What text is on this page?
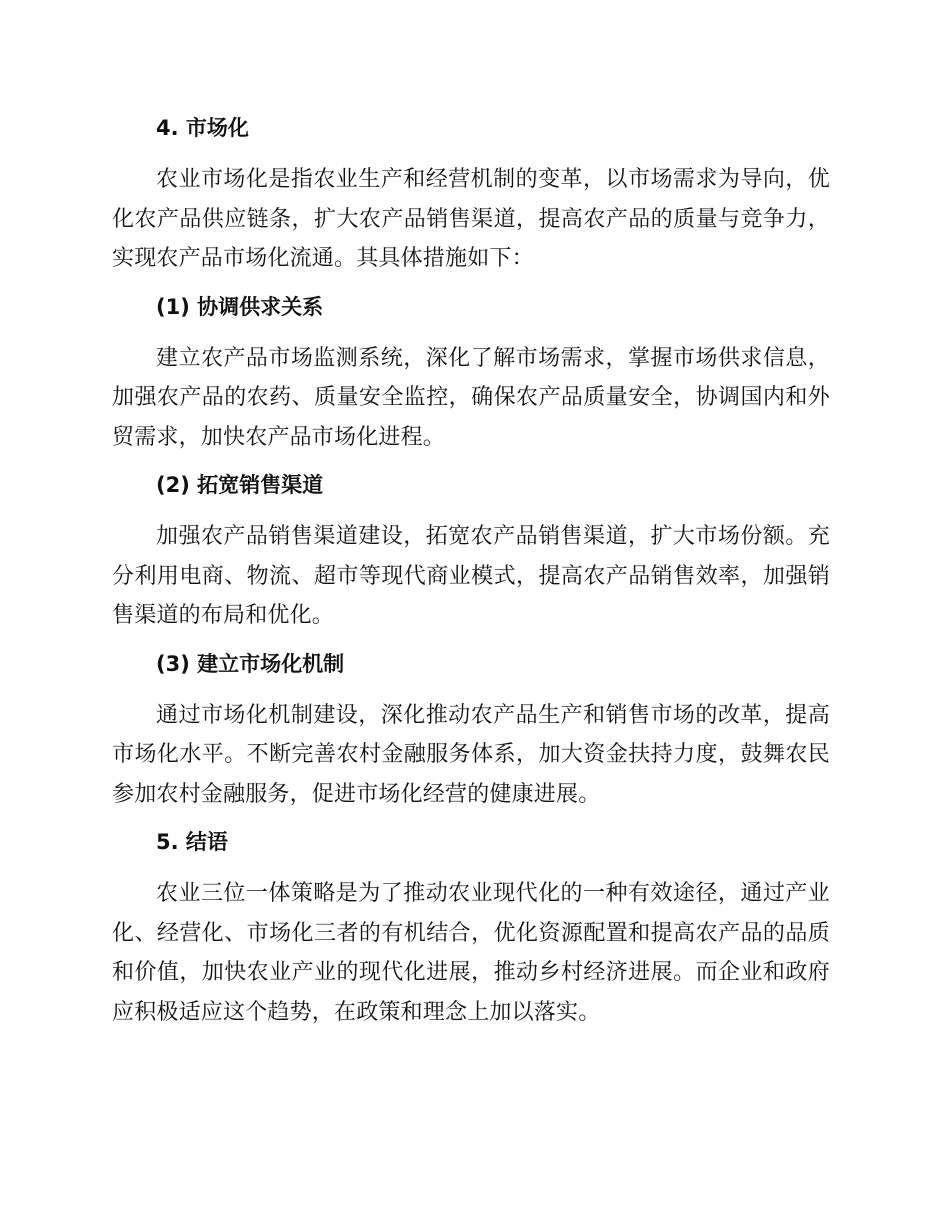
4. 市场化

农业市场化是指农业生产和经营机制的变革，以市场需求为导向，优化农产品供应链条，扩大农产品销售渠道，提高农产品的质量与竞争力，实现农产品市场化流通。其具体措施如下：

(1) 协调供求关系

建立农产品市场监测系统，深化了解市场需求，掌握市场供求信息，加强农产品的农药、质量安全监控，确保农产品质量安全，协调国内和外贸需求，加快农产品市场化进程。

(2) 拓宽销售渠道

加强农产品销售渠道建设，拓宽农产品销售渠道，扩大市场份额。充分利用电商、物流、超市等现代商业模式，提高农产品销售效率，加强销售渠道的布局和优化。

(3) 建立市场化机制

通过市场化机制建设，深化推动农产品生产和销售市场的改革，提高市场化水平。不断完善农村金融服务体系，加大资金扶持力度，鼓舞农民参加农村金融服务，促进市场化经营的健康进展。

5. 结语

农业三位一体策略是为了推动农业现代化的一种有效途径，通过产业化、经营化、市场化三者的有机结合，优化资源配置和提高农产品的品质和价值，加快农业产业的现代化进展，推动乡村经济进展。而企业和政府应积极适应这个趋势，在政策和理念上加以落实。
